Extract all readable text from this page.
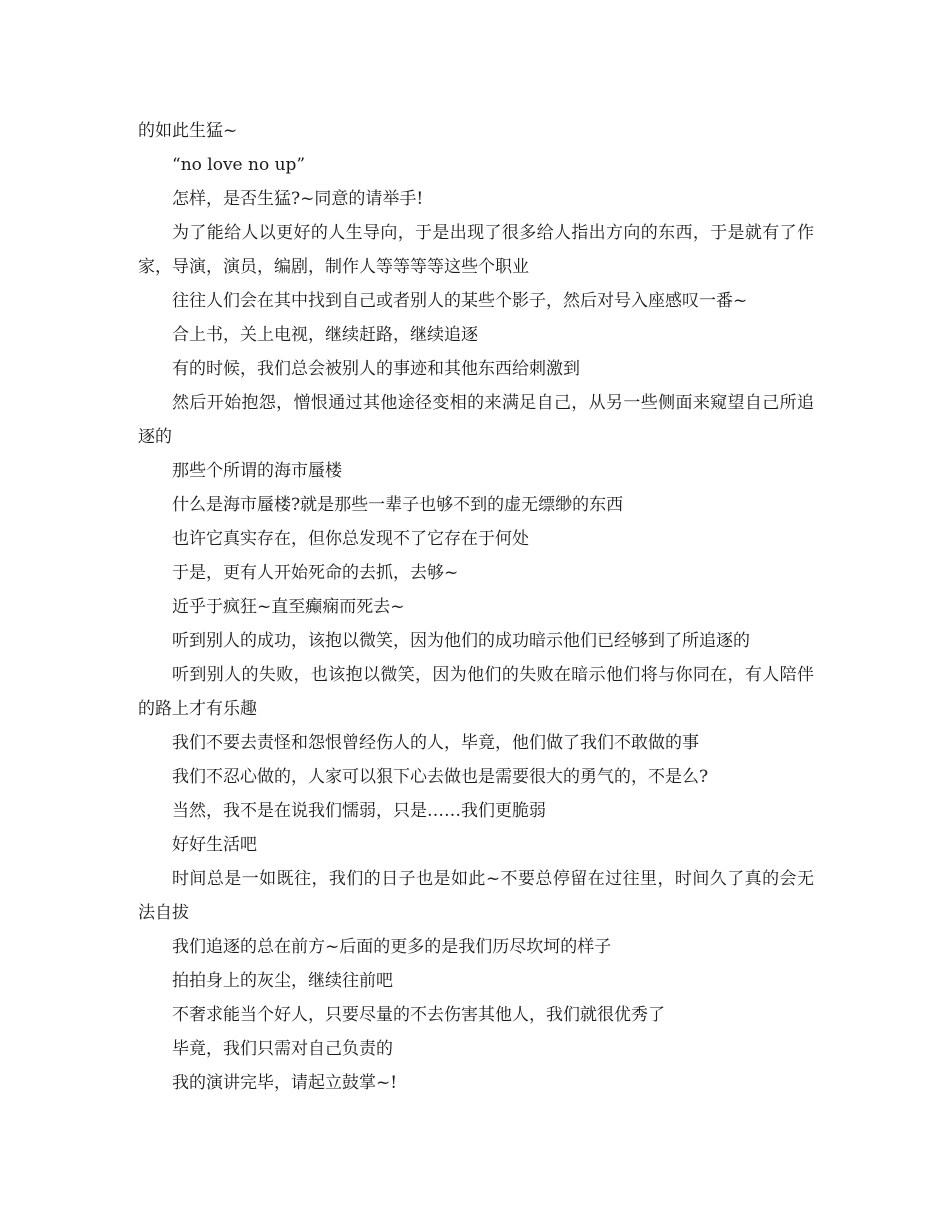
的如此生猛~

“no love no up”

怎样，是否生猛?~同意的请举手!

为了能给人以更好的人生导向，于是出现了很多给人指出方向的东西，于是就有了作家，导演，演员，编剧，制作人等等等等这些个职业

往往人们会在其中找到自己或者别人的某些个影子，然后对号入座感叹一番~

合上书，关上电视，继续赶路，继续追逐

有的时候，我们总会被别人的事迹和其他东西给刺激到

然后开始抱怨，憎恨通过其他途径变相的来满足自己，从另一些侧面来窥望自己所追逐的

那些个所谓的海市蜃楼

什么是海市蜃楼?就是那些一辈子也够不到的虚无缥缈的东西

也许它真实存在，但你总发现不了它存在于何处

于是，更有人开始死命的去抓，去够~

近乎于疯狂~直至癫痫而死去~

听到别人的成功，该抱以微笑，因为他们的成功暗示他们已经够到了所追逐的

听到别人的失败，也该抱以微笑，因为他们的失败在暗示他们将与你同在，有人陪伴的路上才有乐趣

我们不要去责怪和怨恨曾经伤人的人，毕竟，他们做了我们不敢做的事

我们不忍心做的，人家可以狠下心去做也是需要很大的勇气的，不是么?

当然，我不是在说我们懦弱，只是……我们更脆弱

好好生活吧

时间总是一如既往，我们的日子也是如此~不要总停留在过往里，时间久了真的会无法自拔

我们追逐的总在前方~后面的更多的是我们历尽坎坷的样子

拍拍身上的灰尘，继续往前吧

不奢求能当个好人，只要尽量的不去伤害其他人，我们就很优秀了

毕竟，我们只需对自己负责的

我的演讲完毕，请起立鼓掌~!
